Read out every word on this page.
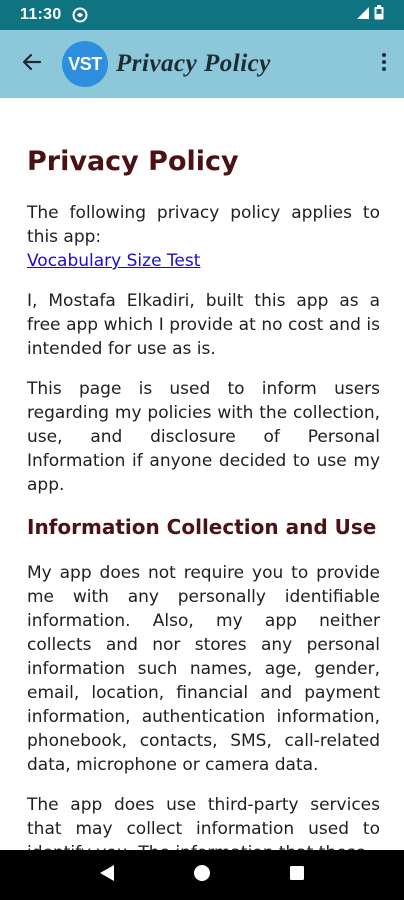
11:30
VST Privacy Policy
Privacy Policy

The following privacy policy applies to this app:
Vocabulary Size Test

I, Mostafa Elkadiri, built this app as a free app which I provide at no cost and is intended for use as is.

This page is used to inform users regarding my policies with the collection, use, and disclosure of Personal Information if anyone decided to use my app.

Information Collection and Use

My app does not require you to provide me with any personally identifiable information. Also, my app neither collects and nor stores any personal information such names, age, gender, email, location, financial and payment information, authentication information, phonebook, contacts, SMS, call-related data, microphone or camera data.

The app does use third-party services that may collect information used to
